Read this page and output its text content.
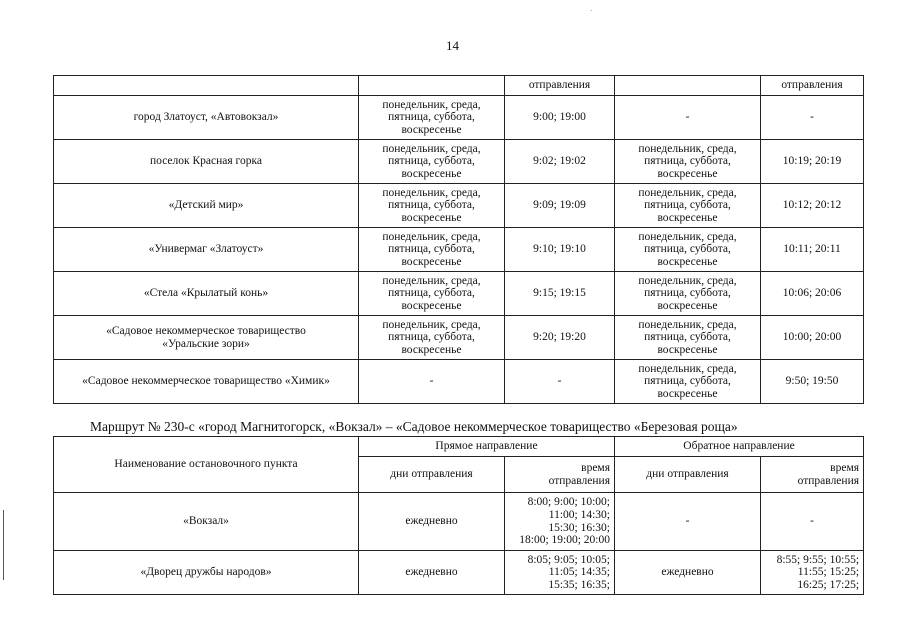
14
.
		отправления		отправления
город Златоуст, «Автовокзал»	понедельник, среда,
пятница, суббота,
воскресенье	9:00; 19:00	-	-
поселок Красная горка	понедельник, среда,
пятница, суббота,
воскресенье	9:02; 19:02	понедельник, среда,
пятница, суббота,
воскресенье	10:19; 20:19
«Детский мир»	понедельник, среда,
пятница, суббота,
воскресенье	9:09; 19:09	понедельник, среда,
пятница, суббота,
воскресенье	10:12; 20:12
«Универмаг «Златоуст»	понедельник, среда,
пятница, суббота,
воскресенье	9:10; 19:10	понедельник, среда,
пятница, суббота,
воскресенье	10:11; 20:11
«Стела «Крылатый конь»	понедельник, среда,
пятница, суббота,
воскресенье	9:15; 19:15	понедельник, среда,
пятница, суббота,
воскресенье	10:06; 20:06
«Садовое некоммерческое товарищество
«Уральские зори»	понедельник, среда,
пятница, суббота,
воскресенье	9:20; 19:20	понедельник, среда,
пятница, суббота,
воскресенье	10:00; 20:00
«Садовое некоммерческое товарищество «Химик»	-	-	понедельник, среда,
пятница, суббота,
воскресенье	9:50; 19:50
Маршрут № 230-с «город Магнитогорск, «Вокзал» – «Садовое некоммерческое товарищество «Березовая роща»
Наименование остановочного пункта	Прямое направление		Обратное направление	
	дни отправления	время
отправления	дни отправления	время
отправления
«Вокзал»	ежедневно	8:00; 9:00; 10:00;
11:00; 14:30;
15:30; 16:30;
18:00; 19:00; 20:00	-	-
«Дворец дружбы народов»	ежедневно	8:05; 9:05; 10:05;
11:05; 14:35;
15:35; 16:35;	ежедневно	8:55; 9:55; 10:55;
11:55; 15:25;
16:25; 17:25;
